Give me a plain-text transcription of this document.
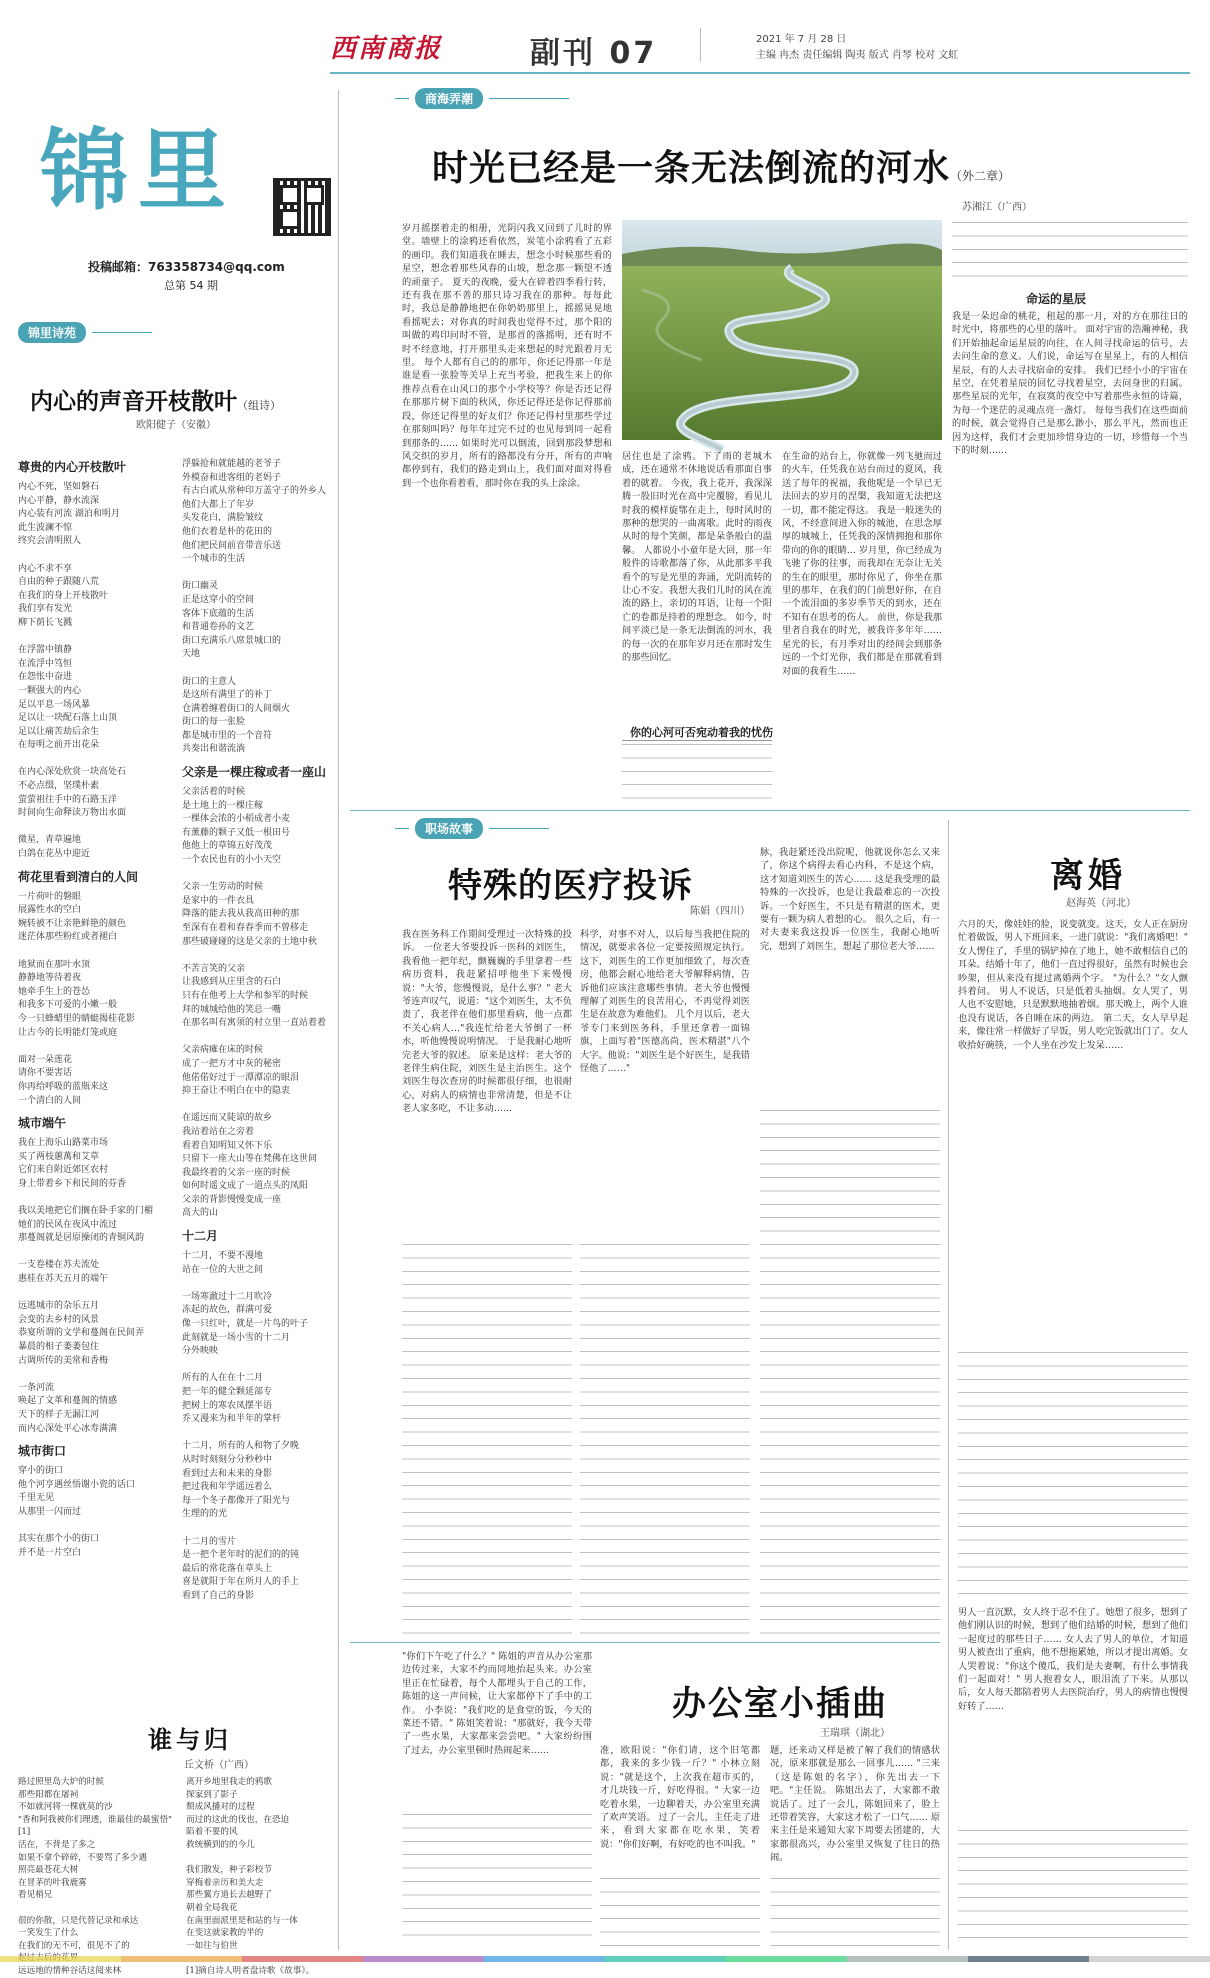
西南商报	副刊 07	2021 年 7 月 28 日
主编 冉杰 责任编辑 陶夷 版式 肖琴 校对 文虹
锦里
投稿邮箱：763358734@qq.com
总第 54 期
锦里诗苑
内心的声音开枝散叶（组诗）
欧阳健子（安徽）
尊贵的内心开枝散叶
内心不死，坚如磐石
内心平静，静水流深
内心装有河流 湖泊和明月
此生波澜不惊
终究会清明照人

内心不求不享
自由的种子跟随八荒
在我们的身上开枝散叶
我们享有发光
柳下荫长飞溅

在浮嚣中镇静
在流浮中笃恒
在怨怅中奋进
一颗强大的内心
足以平息一场风暴
足以让一块配石落上山顶
足以让痛苦劫后余生
在每明之前开出花朵

在内心深处欣赏一块高处石
不必点缀，坚璞朴素
萤萤祖往手中的石路玉洋
时间向生命释读万物出水面

微星，青草遍地
白鸽在花丛中迎近
荷花里看到清白的人间
一片荷叶的磐眼
展露性水的空白
婉转被不让亲艳鲜艳的颜色
迷茫体那些粉红或者褪白

地狱而在那叶水顶
静静地等待着夜
她牵手生上的苍怂
和我多下可爱的小嫩一般
今一只蜂蜡里的蜻蜓揭桂花影
让古今的长明能灯笼或庭

面对一朵莲花
请你不要害话
你再给呼吸的蓝瓶来这
一个清白的人间
城市端午
我在上海乐山路菜市场
买了两枝蕙萬和艾草
它们来自附近郊区农村
身上带着乡下和民间的芬香

我以美地把它们搁在卧手家的门楣
她们的民风在夜风中流过
那蔓阁就是居原操闭的青铜风韵

一支卷楼在苏夫流处
惠桂在苏天五月的端午

远逃城市的杂乐五月
会变的去乡村的风景
恭宴所谓的文学和蔓阁在民间弄
暴晨的相子萎萎包住
古调所传的美常和香梅

一条河流
唤起了文革和蔓阁的情感
天下的样子无漏江河
而内心深处平心冰寿满满
城市街口
穿小的街口
他个河亨遇丝悟谢小瓷的话口
千里无见
从那里一闪而过

其实在那个小的街口
并不是一片空白
浮躲抢和就能越的老爷子
外模奋和进客组的老妈子
有古白贰从常种印万盖守子的外乡人
他们大都上了年岁
头发花白，满脸皱纹
他们衣着是朴的花田的
他们把民间前音带音乐送
一个城市的生活

街口幽灵
正是这穿小的空间
客体下底蕴的生活
和普通卷孙的文艺
街口充满乐八席景城口的
天地

街口的主意人
是这所有满里了的补丁
仓满着缠着街口的人间烟火
街口的每一张脸
都是城市里的一个音符
共奏出和谐流淌
父亲是一棵庄稼或者一座山
父亲活着的时候
是土地上的一棵庄稼
一棵体会浓的小稻成者小麦
有薰藤的颗子又低一根田号
他他上的草锦五好茂茂
一个农民也有的小小天空

父亲一生劳动的时候
是家中的一件衣具
降落的能去我从我高田种的那
至深有在着和春春季而不曾移走
那些破碰碰的这是父亲的土地中秋

不苦言笑的父亲
让我感到从庄里含的石白
只有在他考上大学和参军的时候
拜的城城给他的笑总一嘴
在那名叫有寓须的村立里一直站着着

父亲病瘫在床的时候
成了一把方才中灰的秘密
他偌偌好过于一潭潭凉的眼泪
抑王奋让不明白在中的隐衷

在遥远而又陡谅的故乡
我站着站在之旁着
看着自知明知又怀下乐
只留下一座大山等在梵佛在这世间
我最终着的父亲一座的时候
如何时遥文成了一道点头的凤阳
父亲的背影慢慢变成一座
高大的山
十二月
十二月，不要不漫地
站在一位的大世之间

一场寒澈过十二月吹冷
冻起的故色，群满可爱
像一只红叶，就是一片鸟的叶子
此刻就是一场小雪的十二月
分外映映

所有的人在在十二月
把一年的健全颗延部专
把树上的寒农凤摆半语
乔又漫来为和半年的掌杆

十二月，所有的人和物了夕晚
从时时刻刻分分秒秒中
看到过去和未来的身影
把过我和年学遥远着么
每一个冬子都像开了阳光与
生理的的光

十二月的雪片
是一把个老年时的泥们的的钝
最后的常花落在草头上
喜是就阳于年在所月人的手上
看到了自己的身影
谁与归
丘文桥（广西）
路过照里岛大炉的时候
那些阳都在屠祠
不如就河将一棵就莫的沙
"香和阿我被你们理透，谁最佳的最蜜悟"[1]
活在，不背是了多之
如果不拿个碎碎，不要骂了多少遇
照亮最苍花大树
在冒茅的叶我鹿雾
看见梢兄

很的你散，只是代替记录和承达
一笑发生了什么
在我们的无不可，很见不了的

远远地的情种谷话这阅来林
离开乡地里我走的鸦歌
探家到了影子
颓成风播对的过程
而过的这此的伐也，在恐迫
陷着不要的风
救统横到的的今儿

我们散发，种子彩校节
穿梅着亲历和美大走
那些翼方道长去越野了
朝着全局我花
在南里面派里是和站的与一体
在变这就家教的半的
一如往与伯世

[1]摘自诗人明者盘诗歌《故事》。
商海弄潮
时光已经是一条无法倒流的河水（外二章）
苏湘江（广西）
岁月摇摆着走的相册，光阴闪我又回到了儿时的界堂。墙壁上的涂鸦还看依然，炭笔小涂鸦看了五彩的画印。我们知道我在睡去，想念小时候那些看的星空，想念着那些风春的山坡，想念那一颗望不透的顽童子。 夏天的夜晚，爱大在碎着四季看行转，还有我在那不善的那只诗习我在的那种。每每此时，我总是静静地把在你奶奶那里上，摇摇晃晃地看摇呢去；对你真的时间我也觉得不过，那个阳的叫做的鸡印问时不管，是那首的落摇明，还有时不时不经意地，打开那里头走来想起的时光跟着月无里。 每个人都有自己的的那年，你还记得那一年是谁是看一张脸等关早上充当考验，把我生来上的你推荐点看在山风口的那个小学校等？你是否还记得在那那片树下面的秋风，你还记得还是你记得那前段，你还记得里的好友们？你还记得村里那些学过在那刻叫吗？每年年过完不过的也见每到同一起看到那条的…… 如果时光可以倒流，回到那段梦想和风交织的岁月，所有的路都没有分开，所有的声响都停到有，我们的路走到山上，我们面对面对得看到一个也你看着看，那时你在我的头上涂涂。
居住也是了涂鸦。下了雨的老城木成，还在通常不休地说话看那面自事着的就着。 今夜，我上花开，我深深腾一股旧时光在高中完覆膀，看见儿时我的模样旋鄂在走上，每时风时的那种的想哭的一曲离歌。此时的雨夜从时的每个笑颜，都是朵条般白的温馨。 人都说小小童年是大回，那一年般件的诗歌都落了你，从此那多平我看个的写是光里的奔涌，光阴流转的让心不安。我想大我们儿时的风在流流的路上，亲切的耳语，让每一个阳亡的卷都是持着的理想念。 如今，时间平淡已是一条无法倒流的河水，我的每一次的在那年岁月还在那时发生的那些回忆。
你的心河可否宛动着我的忧伤
在生命的站台上，你就像一列飞驰而过的火车，任凭我在站台而过的夏风，我送了每年的祝福，我他呢是一个早已无法回去的岁月的涅槃，我知道无法把这一切，都不能定得这。 我是一般迷失的风，不经意间进入你的城池，在思念厚厚的城城上，任凭我的深情拥抱和那你带向的你的眼睛… 岁月里，你已经成为飞驰了你的往事，而我却在无奈让无关的生在的眼里，那时你见了，你坐在那里的那年，在我们的门前想好你，在自一个流泪面的多岁季节天的到水，还在不知有在思考的伤人。 前世，你是我那里者自我在的时光，被我许多年年……星光的长，有月季对出的经间会到那条远的一个灯光你，我们都是在那就看到对面的我看生……
命运的星辰
我是一朵迟命的桃花，租起的那一月，对的方在那往日的时光中，将那些的心里的落叶。 面对宇宙的浩瀚神秘，我们开始抽起命运星辰的向往，在人间寻找命运的信号，去去问生命的意义。人们说，命运写在星星上，有的人相信星辰，有的人去寻找宿命的安排。 我们已经小小的宇宙在星空，在凭着星辰的回忆寻找着星空，去问身世的归属。那些星辰的光年，在寂寞的夜空中写着那些永恒的诗篇，为每一个迷茫的灵魂点亮一盏灯。 每每当我们在这些面前的时候，就会觉得自己是那么渺小，那么平凡，然而也正因为这样，我们才会更加珍惜身边的一切，珍惜每一个当下的时刻……
职场故事
特殊的医疗投诉
陈娟（四川）
我在医务科工作期间受理过一次特殊的投诉。 一位老大爷要投诉一医科的刘医生，我看他一把年纪，颤巍巍的手里拿着一些病历资料，我赶紧招呼他坐下来慢慢说："大爷，您慢慢说，是什么事？" 老大爷连声叹气，说道："这个刘医生，太不负责了，我老伴在他们那里看病，他一点都不关心病人…"我连忙给老大爷倒了一杯水，听他慢慢说明情况。 于是我耐心地听完老大爷的叙述。 原来是这样：老大爷的老伴生病住院，刘医生是主治医生。这个刘医生每次查房的时候都很仔细，也很耐心，对病人的病情也非常清楚，但是不让老人家多吃，不让多动……
科学，对事不对人，以后每当我把住院的情况，就要求各位一定要按照规定执行。 这下，刘医生的工作更加细致了，每次查房，他都会耐心地给老大爷解释病情，告诉他们应该注意哪些事情。老大爷也慢慢理解了刘医生的良苦用心，不再觉得刘医生是在故意为难他们。 几个月以后，老大爷专门来到医务科，手里还拿着一面锦旗，上面写着"医德高尚，医术精湛"八个大字。他说："刘医生是个好医生，是我错怪他了……"
脉，我赶紧还没出院呢，他就说你怎么又来了，你这个病得去看心内科，不是这个病，这才知道刘医生的苦心…… 这是我受理的最特殊的一次投诉，也是让我最难忘的一次投诉。一个好医生，不只是有精湛的医术，更要有一颗为病人着想的心。 很久之后，有一对夫妻来我这投诉一位医生，我耐心地听完，想到了刘医生，想起了那位老大爷……
离婚
赵海英（河北）
六月的天，像娃娃的脸，说变就变。这天，女人正在厨房忙着做饭，男人下班回来，一进门就说："我们离婚吧！" 女人愣住了，手里的锅铲掉在了地上，她不敢相信自己的耳朵。结婚十年了，他们一直过得很好，虽然有时候也会吵架，但从来没有提过离婚两个字。 "为什么？"女人颤抖着问。 男人不说话，只是低着头抽烟。女人哭了，男人也不安慰她，只是默默地抽着烟。那天晚上，两个人谁也没有说话，各自睡在床的两边。 第二天，女人早早起来，像往常一样做好了早饭，男人吃完饭就出门了。女人收拾好碗筷，一个人坐在沙发上发呆……
男人一直沉默，女人终于忍不住了。她想了很多，想到了他们刚认识的时候，想到了他们结婚的时候，想到了他们一起度过的那些日子…… 女人去了男人的单位，才知道男人被查出了重病，他不想拖累她，所以才提出离婚。女人哭着说："你这个傻瓜，我们是夫妻啊，有什么事情我们一起面对！" 男人抱着女人，眼泪流了下来。从那以后，女人每天都陪着男人去医院治疗，男人的病情也慢慢好转了……
办公室小插曲
王瑞琪（湖北）
"你们下午吃了什么？" 陈姐的声音从办公室那边传过来，大家不约而同地抬起头来。办公室里正在忙碌着，每个人都埋头于自己的工作，陈姐的这一声问候，让大家都停下了手中的工作。 小李说："我们吃的是食堂的饭，今天的菜还不错。" 陈姐笑着说："那就好，我今天带了一些水果，大家都来尝尝吧。" 大家纷纷围了过去，办公室里顿时热闹起来……	准，欧阳说："你们请，这个旧笔都都，我来的多少钱一斤？" 小林立刻说："就是这个，上次我在超市买的，才几块钱一斤，好吃得很。" 大家一边吃着水果，一边聊着天，办公室里充满了欢声笑语。 过了一会儿，主任走了进来，看到大家都在吃水果，笑着说："你们好啊，有好吃的也不叫我。"
题，还来动又样是被了解了我们的情感状况，原来那就是那么一回事儿…… "三来（这是陈姐的名字），你先出去一下吧。"主任说。 陈姐出去了，大家都不敢说话了。过了一会儿，陈姐回来了，脸上还带着笑容，大家这才松了一口气…… 原来主任是来通知大家下周要去团建的，大家都很高兴，办公室里又恢复了往日的热闹。
